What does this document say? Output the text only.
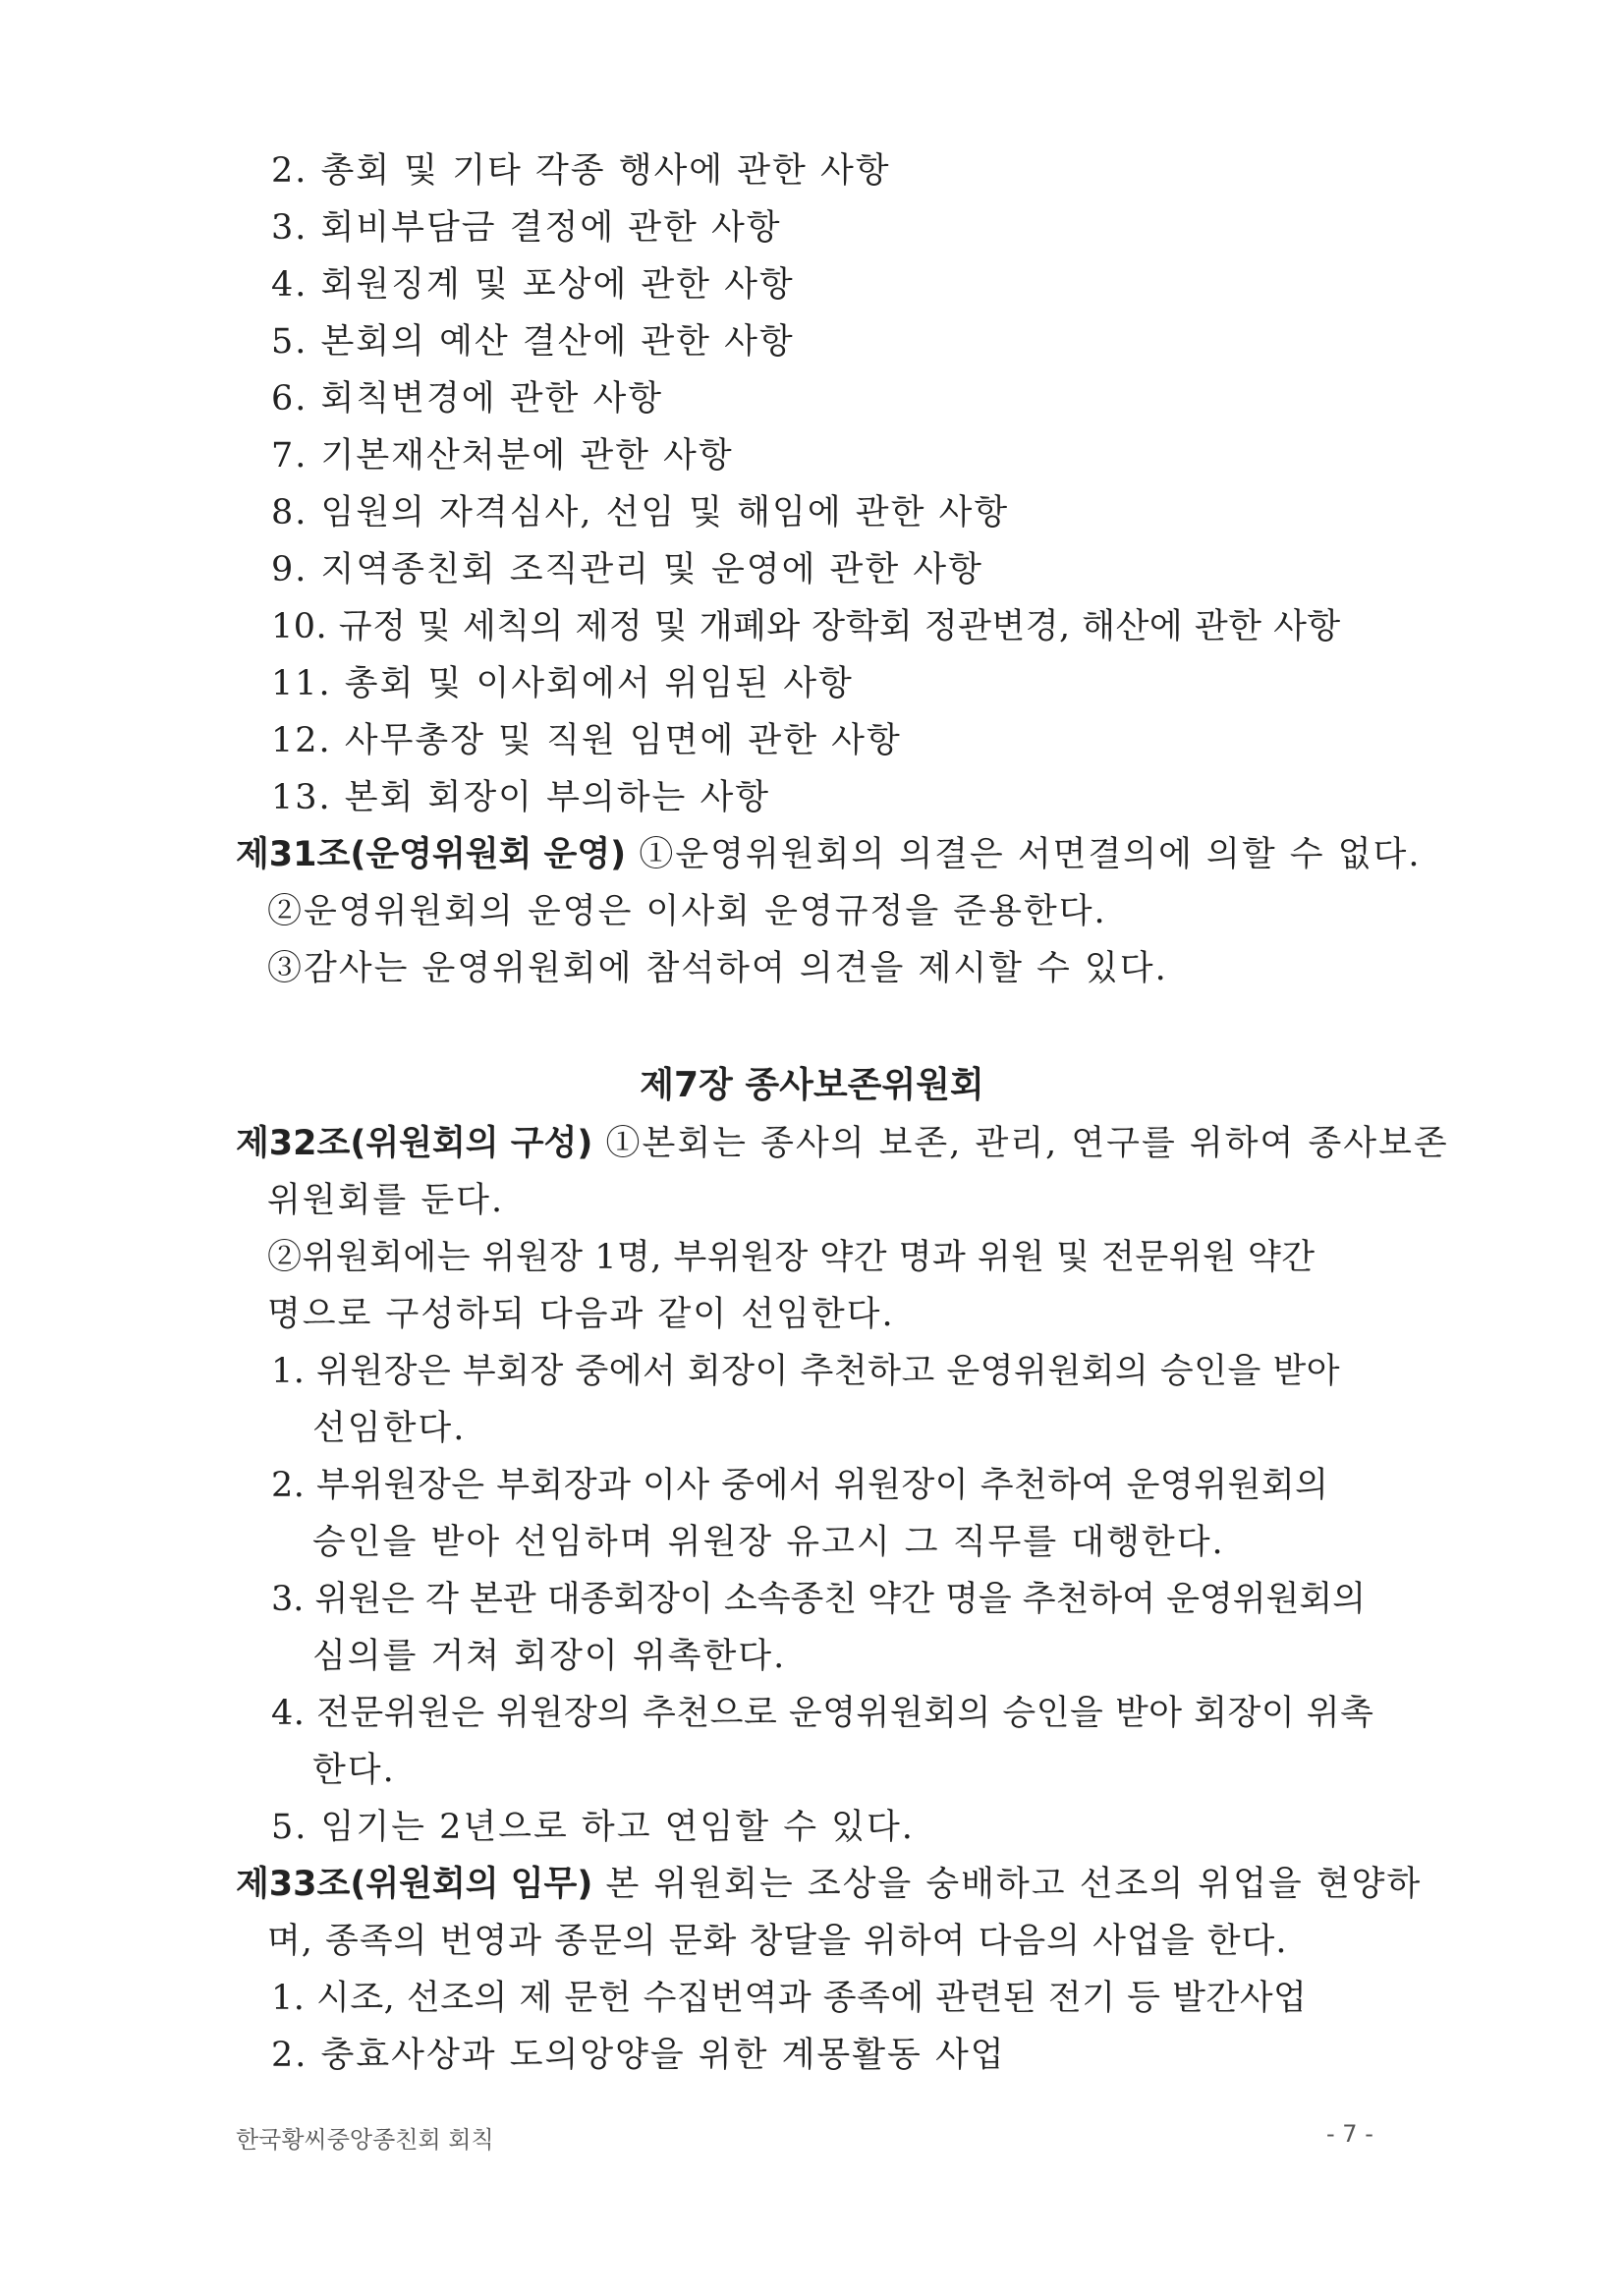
2. 총회 및 기타 각종 행사에 관한 사항
3. 회비부담금 결정에 관한 사항
4. 회원징계 및 포상에 관한 사항
5. 본회의 예산 결산에 관한 사항
6. 회칙변경에 관한 사항
7. 기본재산처분에 관한 사항
8. 임원의 자격심사, 선임 및 해임에 관한 사항
9. 지역종친회 조직관리 및 운영에 관한 사항
10. 규정 및 세칙의 제정 및 개폐와 장학회 정관변경, 해산에 관한 사항
11. 총회 및 이사회에서 위임된 사항
12. 사무총장 및 직원 임면에 관한 사항
13. 본회 회장이 부의하는 사항
제31조(운영위원회 운영) ①운영위원회의 의결은 서면결의에 의할 수 없다.
②운영위원회의 운영은 이사회 운영규정을 준용한다.
③감사는 운영위원회에 참석하여 의견을 제시할 수 있다.
제7장 종사보존위원회
제32조(위원회의 구성) ①본회는 종사의 보존, 관리, 연구를 위하여 종사보존
위원회를 둔다.
②위원회에는 위원장 1명, 부위원장 약간 명과 위원 및 전문위원 약간
명으로 구성하되 다음과 같이 선임한다.
1. 위원장은 부회장 중에서 회장이 추천하고 운영위원회의 승인을 받아
선임한다.
2. 부위원장은 부회장과 이사 중에서 위원장이 추천하여 운영위원회의
승인을 받아 선임하며 위원장 유고시 그 직무를 대행한다.
3. 위원은 각 본관 대종회장이 소속종친 약간 명을 추천하여 운영위원회의
심의를 거쳐 회장이 위촉한다.
4. 전문위원은 위원장의 추천으로 운영위원회의 승인을 받아 회장이 위촉
한다.
5. 임기는 2년으로 하고 연임할 수 있다.
제33조(위원회의 임무) 본 위원회는 조상을 숭배하고 선조의 위업을 현양하
며, 종족의 번영과 종문의 문화 창달을 위하여 다음의 사업을 한다.
1. 시조, 선조의 제 문헌 수집번역과 종족에 관련된 전기 등 발간사업
2. 충효사상과 도의앙양을 위한 계몽활동 사업
한국황씨중앙종친회 회칙	- 7 -
